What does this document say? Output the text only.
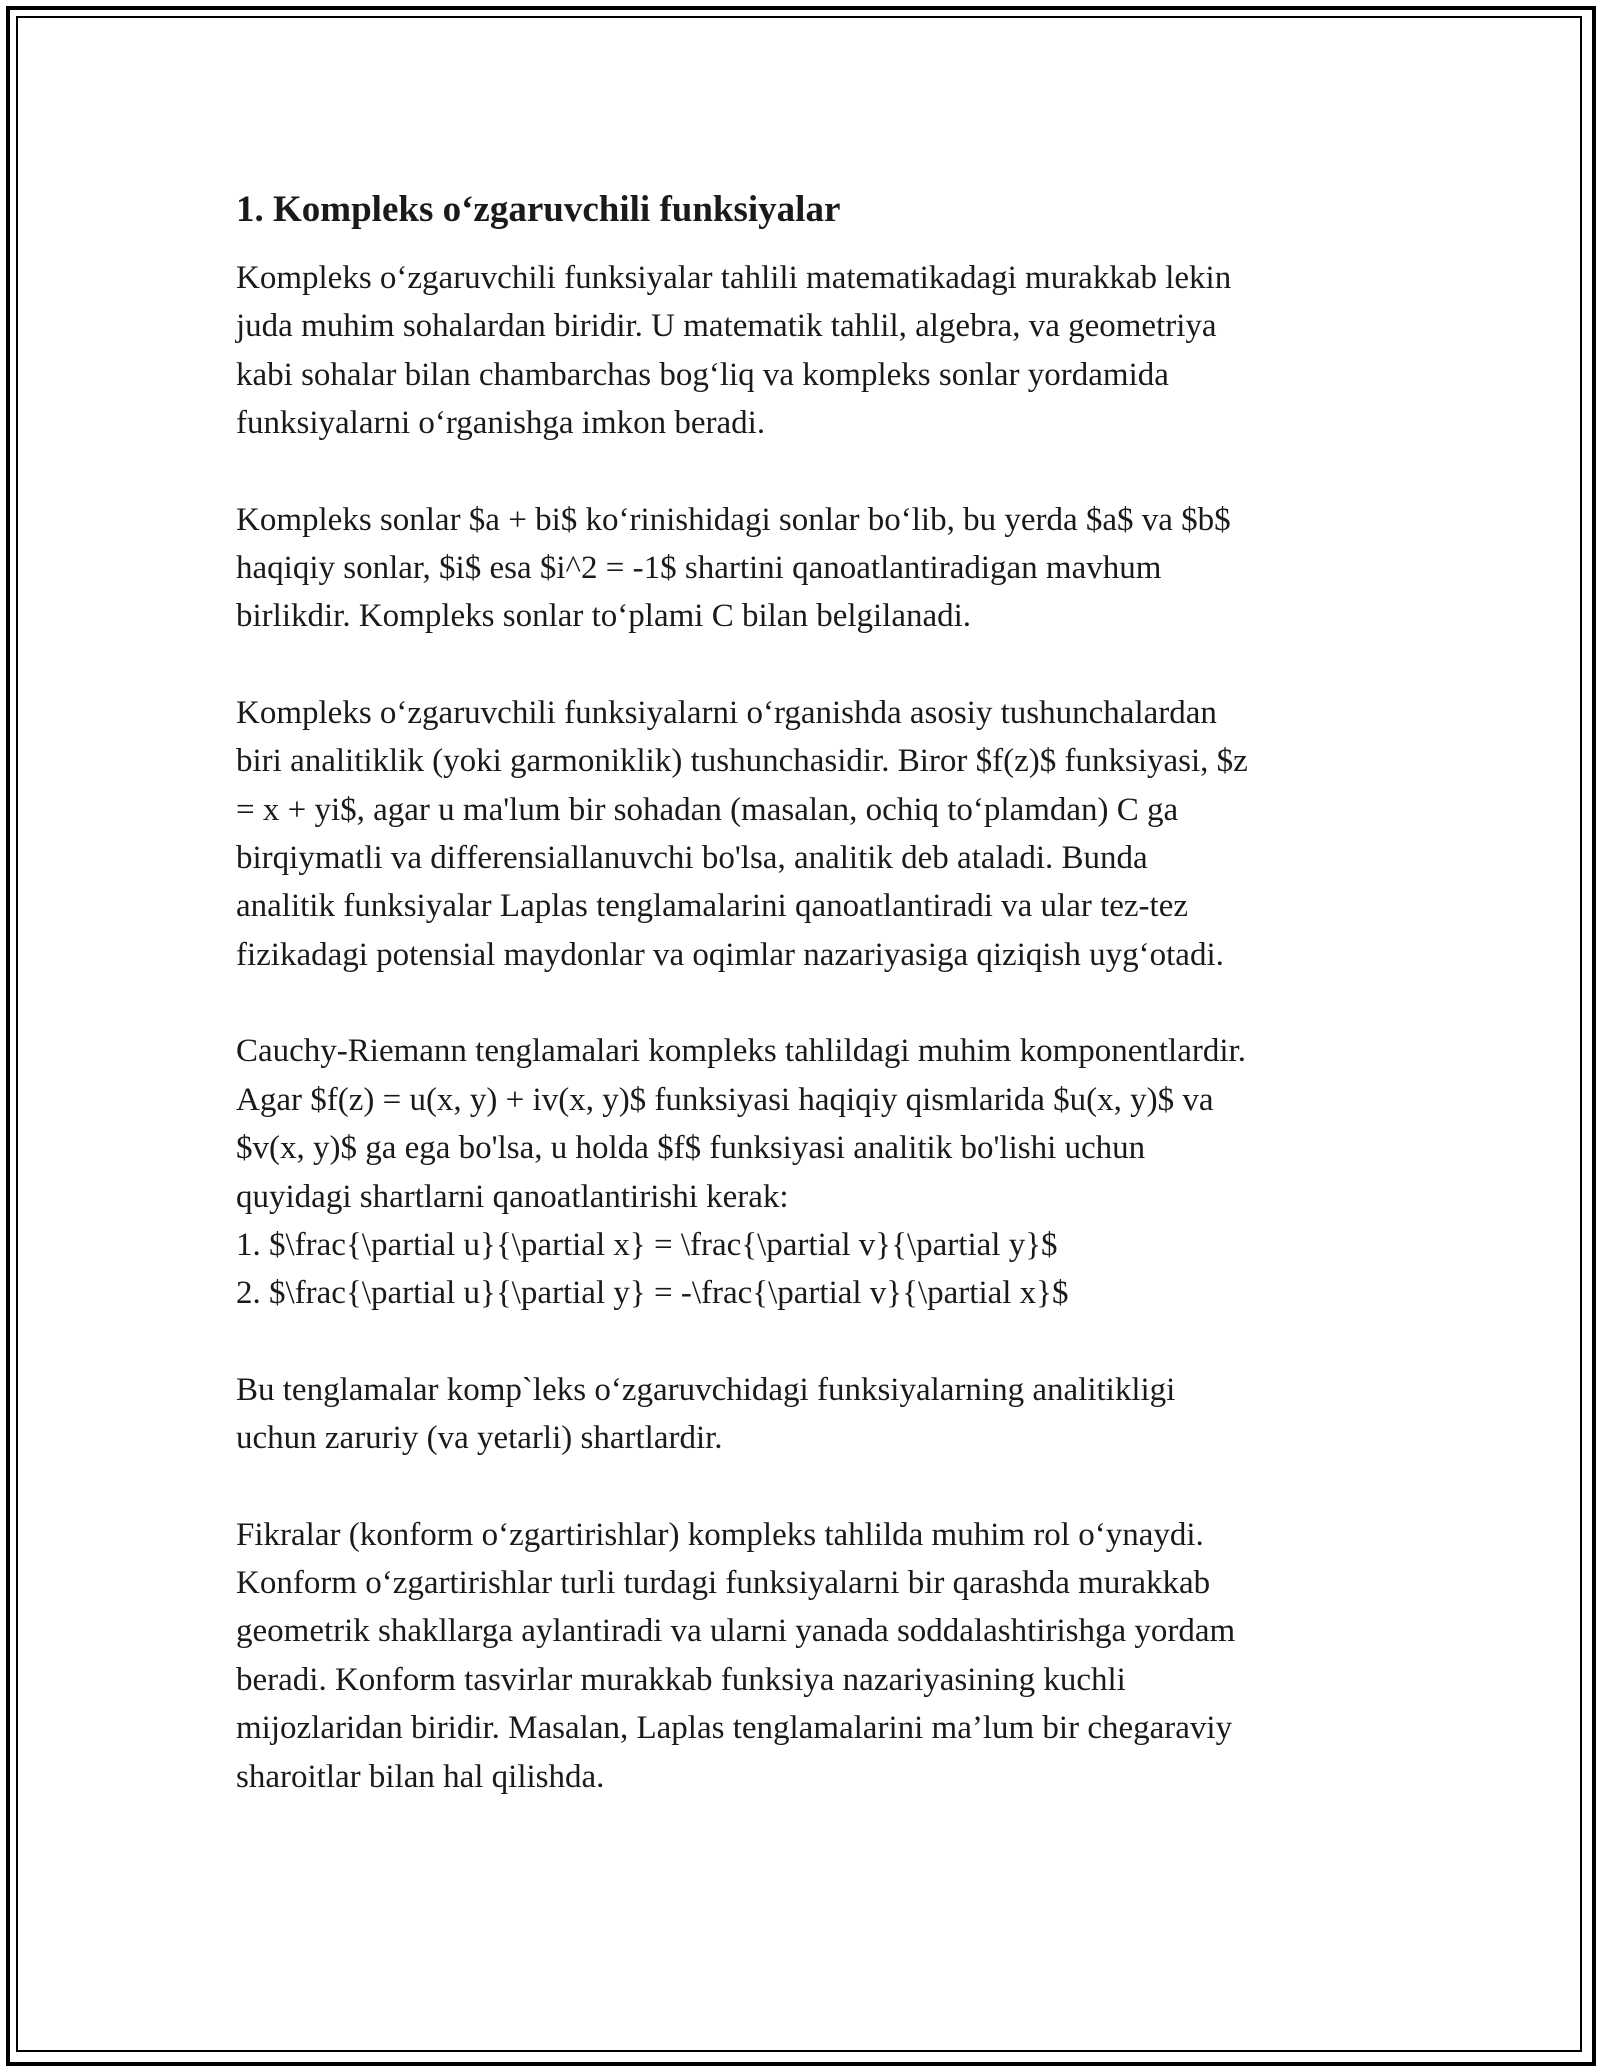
1. Kompleks o‘zgaruvchili funksiyalar
Kompleks o‘zgaruvchili funksiyalar tahlili matematikadagi murakkab lekin
juda muhim sohalardan biridir. U matematik tahlil, algebra, va geometriya
kabi sohalar bilan chambarchas bog‘liq va kompleks sonlar yordamida
funksiyalarni o‘rganishga imkon beradi.
Kompleks sonlar $a + bi$ ko‘rinishidagi sonlar bo‘lib, bu yerda $a$ va $b$
haqiqiy sonlar, $i$ esa $i^2 = -1$ shartini qanoatlantiradigan mavhum
birlikdir. Kompleks sonlar to‘plami C bilan belgilanadi.
Kompleks o‘zgaruvchili funksiyalarni o‘rganishda asosiy tushunchalardan
biri analitiklik (yoki garmoniklik) tushunchasidir. Biror $f(z)$ funksiyasi, $z
= x + yi$, agar u ma'lum bir sohadan (masalan, ochiq to‘plamdan) C ga
birqiymatli va differensiallanuvchi bo'lsa, analitik deb ataladi. Bunda
analitik funksiyalar Laplas tenglamalarini qanoatlantiradi va ular tez-tez
fizikadagi potensial maydonlar va oqimlar nazariyasiga qiziqish uyg‘otadi.
Cauchy-Riemann tenglamalari kompleks tahlildagi muhim komponentlardir.
Agar $f(z) = u(x, y) + iv(x, y)$ funksiyasi haqiqiy qismlarida $u(x, y)$ va
$v(x, y)$ ga ega bo'lsa, u holda $f$ funksiyasi analitik bo'lishi uchun
quyidagi shartlarni qanoatlantirishi kerak:
1. $\frac{\partial u}{\partial x} = \frac{\partial v}{\partial y}$
2. $\frac{\partial u}{\partial y} = -\frac{\partial v}{\partial x}$
Bu tenglamalar komp`leks o‘zgaruvchidagi funksiyalarning analitikligi
uchun zaruriy (va yetarli) shartlardir.
Fikralar (konform o‘zgartirishlar) kompleks tahlilda muhim rol o‘ynaydi.
Konform o‘zgartirishlar turli turdagi funksiyalarni bir qarashda murakkab
geometrik shakllarga aylantiradi va ularni yanada soddalashtirishga yordam
beradi. Konform tasvirlar murakkab funksiya nazariyasining kuchli
mijozlaridan biridir. Masalan, Laplas tenglamalarini ma’lum bir chegaraviy
sharoitlar bilan hal qilishda.
